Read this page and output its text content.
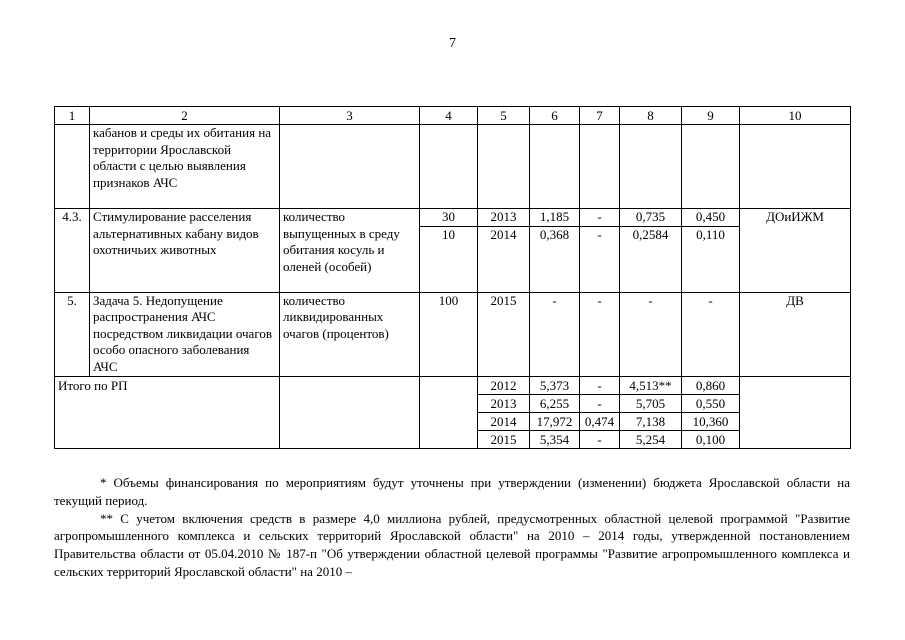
7
1	2	3	4	5	6	7	8	9	10
	кабанов и среды их обитания на территории Ярославской области с целью выявления признаков АЧС								
4.3.	Стимулирование расселения альтернативных кабану видов охотничьих животных	количество выпущенных в среду обитания косуль и оленей (особей)	30	2013	1,185	-	0,735	0,450	ДОиИЖМ
			10	2014	0,368	-	0,2584	0,110	
5.	Задача 5. Недопущение распространения АЧС посредством ликвидации очагов особо опасного заболевания АЧС	количество ликвидированных очагов (процентов)	100	2015	-	-	-	-	ДВ
Итого по РП				2012	5,373	-	4,513**	0,860	
				2013	6,255	-	5,705	0,550	
				2014	17,972	0,474	7,138	10,360	
				2015	5,354	-	5,254	0,100	

* Объемы финансирования по мероприятиям будут уточнены при утверждении (изменении) бюджета Ярославской области на текущий период.

** С учетом включения средств в размере 4,0 миллиона рублей, предусмотренных областной целевой программой "Развитие агропромышленного комплекса и сельских территорий Ярославской области" на 2010 – 2014 годы, утвержденной постановлением Правительства области от 05.04.2010 № 187-п "Об утверждении областной целевой программы "Развитие агропромышленного комплекса и сельских территорий Ярославской области" на 2010 –
